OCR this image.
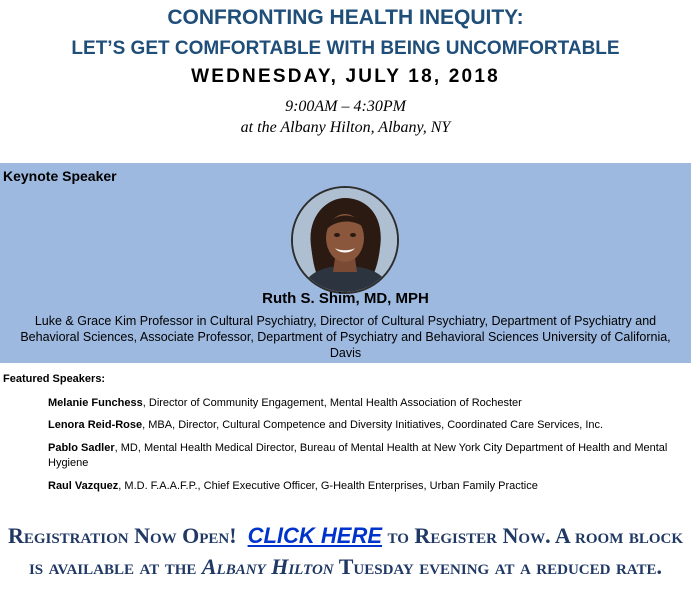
CONFRONTING HEALTH INEQUITY:
LET’S GET COMFORTABLE WITH BEING UNCOMFORTABLE
WEDNESDAY, JULY 18, 2018
9:00AM – 4:30PM
at the Albany Hilton, Albany, NY

Keynote Speaker

Ruth S. Shim, MD, MPH

Luke & Grace Kim Professor in Cultural Psychiatry, Director of Cultural Psychiatry, Department of Psychiatry and Behavioral Sciences, Associate Professor, Department of Psychiatry and Behavioral Sciences University of California, Davis

Featured Speakers:

Melanie Funchess, Director of Community Engagement, Mental Health Association of Rochester
Lenora Reid-Rose, MBA, Director, Cultural Competence and Diversity Initiatives, Coordinated Care Services, Inc.
Pablo Sadler, MD, Mental Health Medical Director, Bureau of Mental Health at New York City Department of Health and Mental Hygiene
Raul Vazquez, M.D. F.A.A.F.P., Chief Executive Officer, G-Health Enterprises, Urban Family Practice

Registration Now Open! CLICK HERE to Register Now. A room block is available at the Albany Hilton Tuesday evening at a reduced rate.
